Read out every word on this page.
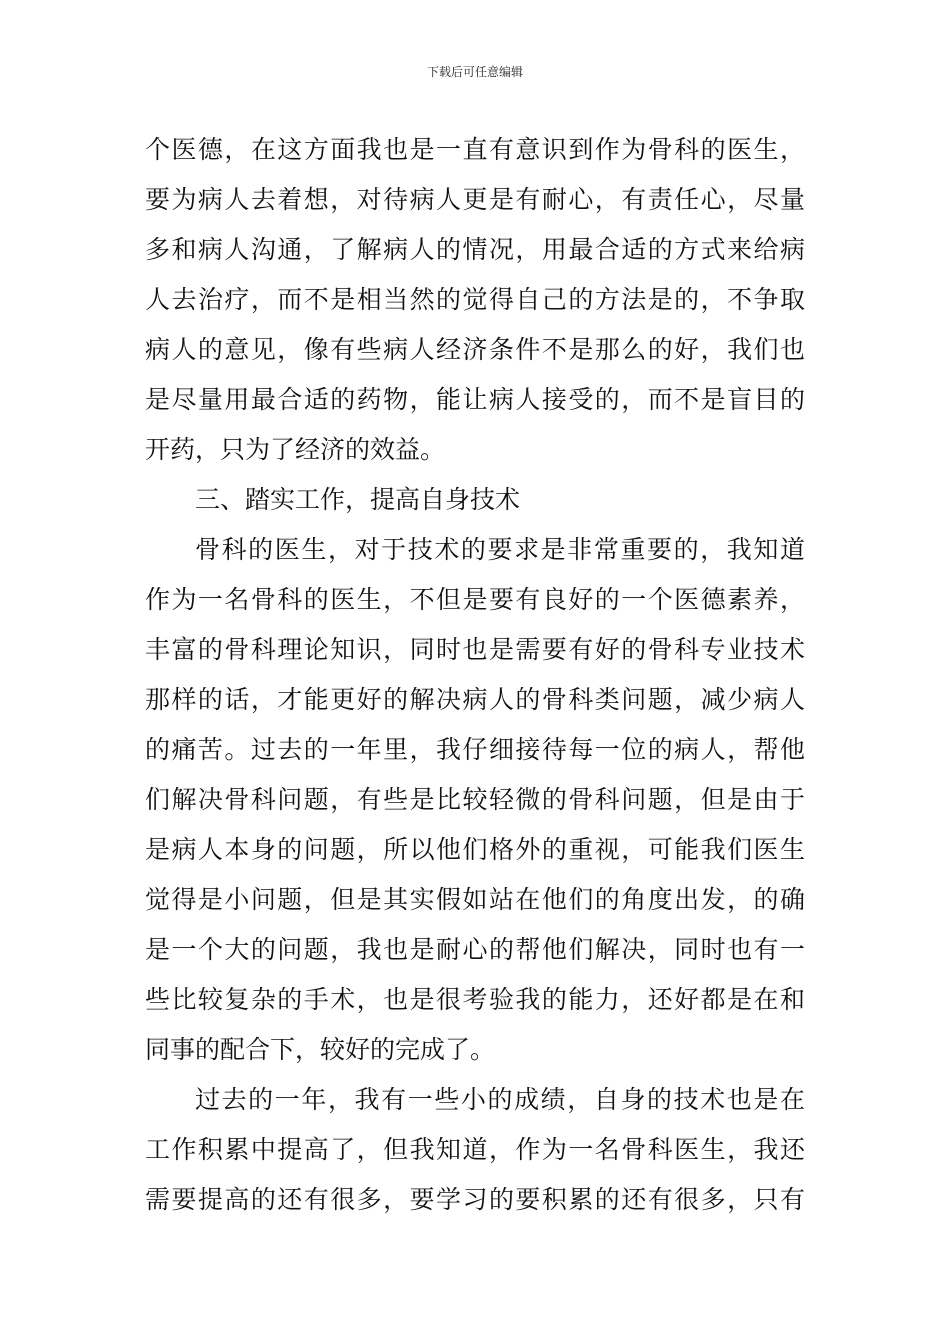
下载后可任意编辑
个医德，在这方面我也是一直有意识到作为骨科的医生，
要为病人去着想，对待病人更是有耐心，有责任心，尽量
多和病人沟通，了解病人的情况，用最合适的方式来给病
人去治疗，而不是相当然的觉得自己的方法是的，不争取
病人的意见，像有些病人经济条件不是那么的好，我们也
是尽量用最合适的药物，能让病人接受的，而不是盲目的
开药，只为了经济的效益。
三、踏实工作，提高自身技术
骨科的医生，对于技术的要求是非常重要的，我知道
作为一名骨科的医生，不但是要有良好的一个医德素养，
丰富的骨科理论知识，同时也是需要有好的骨科专业技术
那样的话，才能更好的解决病人的骨科类问题，减少病人
的痛苦。过去的一年里，我仔细接待每一位的病人，帮他
们解决骨科问题，有些是比较轻微的骨科问题，但是由于
是病人本身的问题，所以他们格外的重视，可能我们医生
觉得是小问题，但是其实假如站在他们的角度出发，的确
是一个大的问题，我也是耐心的帮他们解决，同时也有一
些比较复杂的手术，也是很考验我的能力，还好都是在和
同事的配合下，较好的完成了。
过去的一年，我有一些小的成绩，自身的技术也是在
工作积累中提高了，但我知道，作为一名骨科医生，我还
需要提高的还有很多，要学习的要积累的还有很多，只有
